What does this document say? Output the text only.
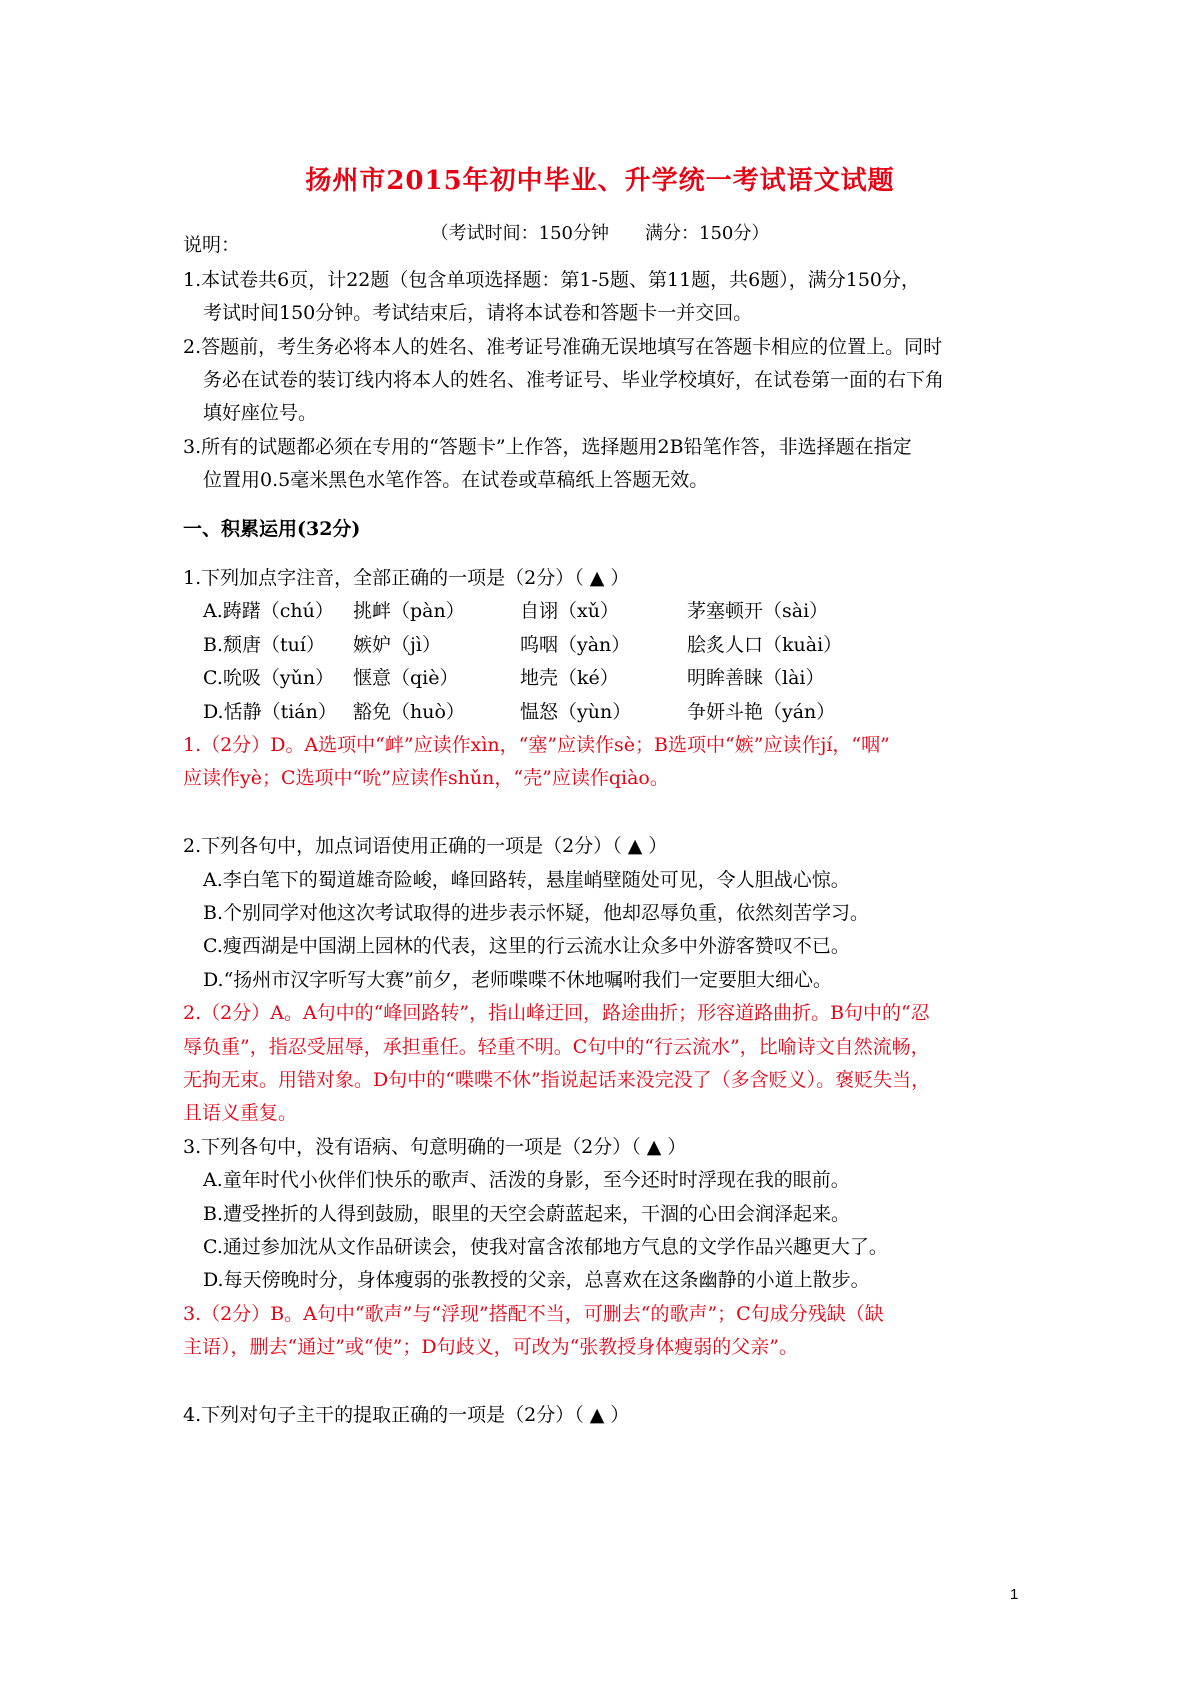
扬州市2015年初中毕业、升学统一考试语文试题
（考试时间：150分钟　　满分：150分）
说明：
1.本试卷共6页，计22题（包含单项选择题：第1-5题、第11题，共6题），满分150分，
考试时间150分钟。考试结束后，请将本试卷和答题卡一并交回。
2.答题前，考生务必将本人的姓名、准考证号准确无误地填写在答题卡相应的位置上。同时
务必在试卷的装订线内将本人的姓名、准考证号、毕业学校填好，在试卷第一面的右下角
填好座位号。
3.所有的试题都必须在专用的“答题卡”上作答，选择题用2B铅笔作答，非选择题在指定
位置用0.5毫米黑色水笔作答。在试卷或草稿纸上答题无效。
一、积累运用(32分)
1.下列加点字注音，全部正确的一项是（2分）（ ▲ ）
A.踌躇（chú） 挑衅（pàn）	自诩（xǔ）	茅塞顿开（sài）
B.颓唐（tuí） 嫉妒（jì）	呜咽（yàn）	脍炙人口（kuài）
C.吮吸（yǔn） 惬意（qiè）	地壳（ké）	明眸善睐（lài）
D.恬静（tián） 豁免（huò）	愠怒（yùn）	争妍斗艳（yán）
1.（2分）D。A选项中“衅”应读作xìn，“塞”应读作sè；B选项中“嫉”应读作jí，“咽”
应读作yè；C选项中“吮”应读作shǔn，“壳”应读作qiào。
2.下列各句中，加点词语使用正确的一项是（2分）（ ▲ ）
A.李白笔下的蜀道雄奇险峻，峰回路转，悬崖峭壁随处可见，令人胆战心惊。
B.个别同学对他这次考试取得的进步表示怀疑，他却忍辱负重，依然刻苦学习。
C.瘦西湖是中国湖上园林的代表，这里的行云流水让众多中外游客赞叹不已。
D.“扬州市汉字听写大赛”前夕，老师喋喋不休地嘱咐我们一定要胆大细心。
2.（2分）A。A句中的“峰回路转”，指山峰迂回，路途曲折；形容道路曲折。B句中的“忍
辱负重”，指忍受屈辱，承担重任。轻重不明。C句中的“行云流水”，比喻诗文自然流畅，
无拘无束。用错对象。D句中的“喋喋不休”指说起话来没完没了（多含贬义）。褒贬失当，
且语义重复。
3.下列各句中，没有语病、句意明确的一项是（2分）（ ▲ ）
A.童年时代小伙伴们快乐的歌声、活泼的身影，至今还时时浮现在我的眼前。
B.遭受挫折的人得到鼓励，眼里的天空会蔚蓝起来，干涸的心田会润泽起来。
C.通过参加沈从文作品研读会，使我对富含浓郁地方气息的文学作品兴趣更大了。
D.每天傍晚时分，身体瘦弱的张教授的父亲，总喜欢在这条幽静的小道上散步。
3.（2分）B。A句中“歌声”与“浮现”搭配不当，可删去“的歌声”；C句成分残缺（缺
主语），删去“通过”或“使”；D句歧义，可改为“张教授身体瘦弱的父亲”。
4.下列对句子主干的提取正确的一项是（2分）（ ▲ ）
1
